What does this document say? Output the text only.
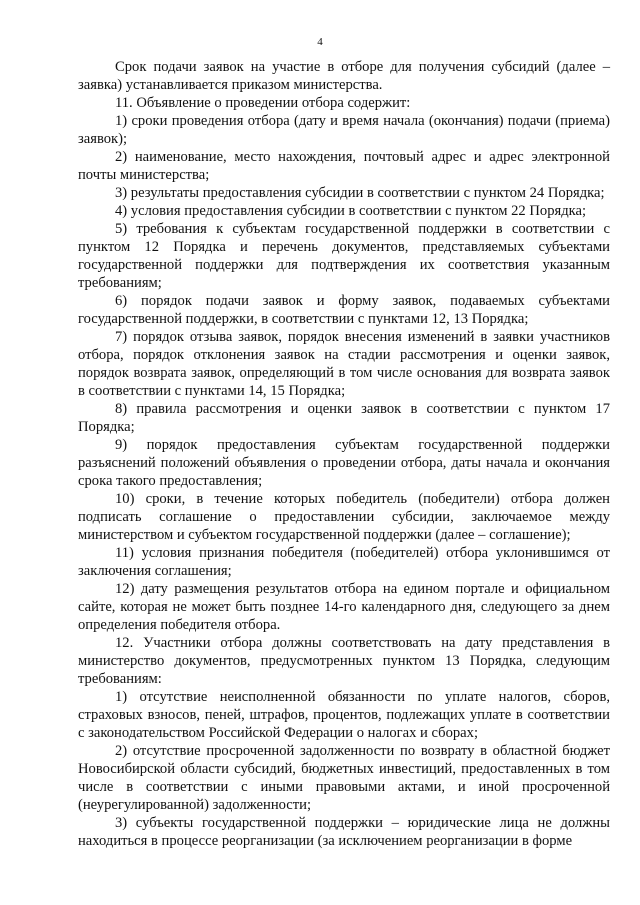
4

Срок подачи заявок на участие в отборе для получения субсидий (далее – заявка) устанавливается приказом министерства.

11. Объявление о проведении отбора содержит:

1) сроки проведения отбора (дату и время начала (окончания) подачи (приема) заявок);

2) наименование, место нахождения, почтовый адрес и адрес электронной почты министерства;

3) результаты предоставления субсидии в соответствии с пунктом 24 Порядка;

4) условия предоставления субсидии в соответствии с пунктом 22 Порядка;

5) требования к субъектам государственной поддержки в соответствии с пунктом 12 Порядка и перечень документов, представляемых субъектами государственной поддержки для подтверждения их соответствия указанным требованиям;

6) порядок подачи заявок и форму заявок, подаваемых субъектами государственной поддержки, в соответствии с пунктами 12, 13 Порядка;

7) порядок отзыва заявок, порядок внесения изменений в заявки участников отбора, порядок отклонения заявок на стадии рассмотрения и оценки заявок, порядок возврата заявок, определяющий в том числе основания для возврата заявок в соответствии с пунктами 14, 15 Порядка;

8) правила рассмотрения и оценки заявок в соответствии с пунктом 17 Порядка;

9) порядок предоставления субъектам государственной поддержки разъяснений положений объявления о проведении отбора, даты начала и окончания срока такого предоставления;

10) сроки, в течение которых победитель (победители) отбора должен подписать соглашение о предоставлении субсидии, заключаемое между министерством и субъектом государственной поддержки (далее – соглашение);

11) условия признания победителя (победителей) отбора уклонившимся от заключения соглашения;

12) дату размещения результатов отбора на едином портале и официальном сайте, которая не может быть позднее 14-го календарного дня, следующего за днем определения победителя отбора.

12. Участники отбора должны соответствовать на дату представления в министерство документов, предусмотренных пунктом 13 Порядка, следующим требованиям:

1) отсутствие неисполненной обязанности по уплате налогов, сборов, страховых взносов, пеней, штрафов, процентов, подлежащих уплате в соответствии с законодательством Российской Федерации о налогах и сборах;

2) отсутствие просроченной задолженности по возврату в областной бюджет Новосибирской области субсидий, бюджетных инвестиций, предоставленных в том числе в соответствии с иными правовыми актами, и иной просроченной (неурегулированной) задолженности;

3) субъекты государственной поддержки – юридические лица не должны находиться в процессе реорганизации (за исключением реорганизации в форме
